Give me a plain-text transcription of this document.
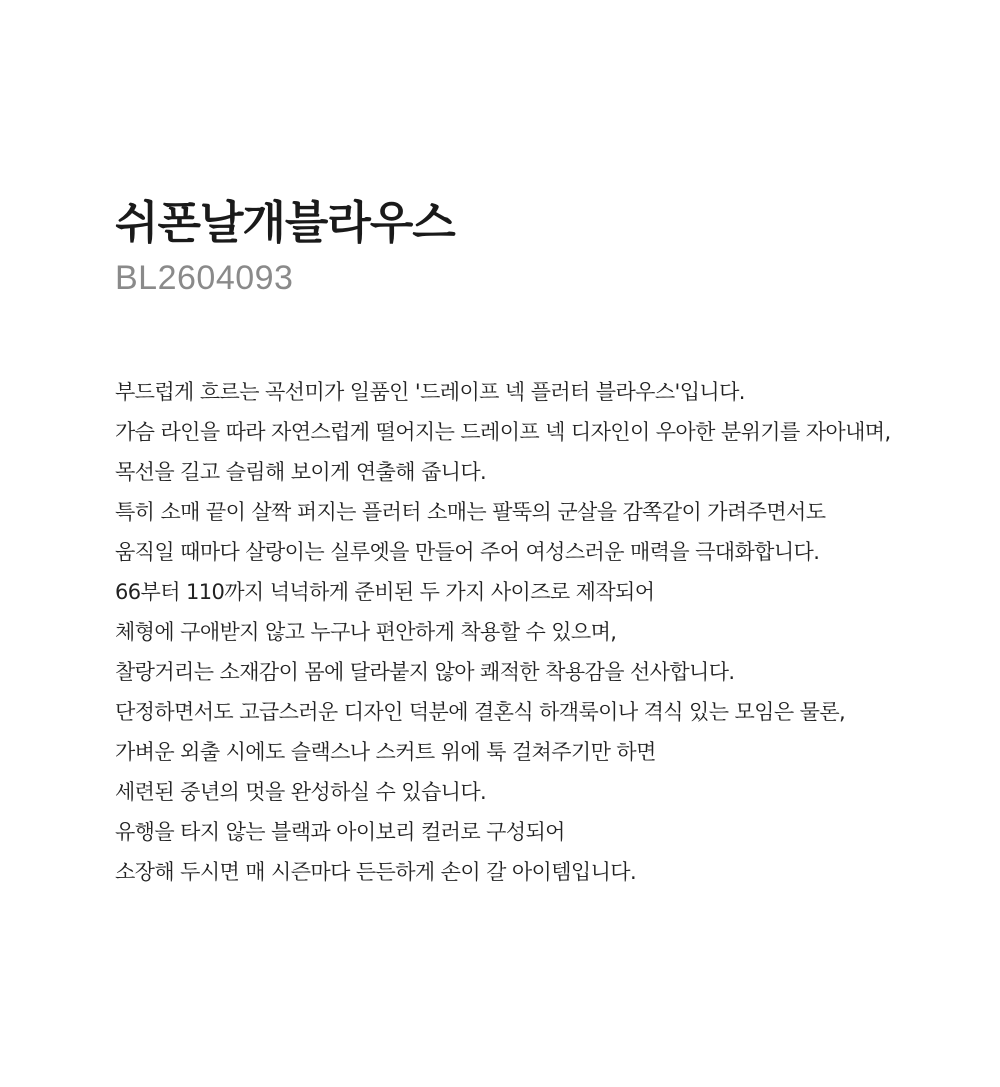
쉬폰날개블라우스
BL2604093
부드럽게 흐르는 곡선미가 일품인 '드레이프 넥 플러터 블라우스'입니다.
가슴 라인을 따라 자연스럽게 떨어지는 드레이프 넥 디자인이 우아한 분위기를 자아내며,
목선을 길고 슬림해 보이게 연출해 줍니다.
특히 소매 끝이 살짝 퍼지는 플러터 소매는 팔뚝의 군살을 감쪽같이 가려주면서도
움직일 때마다 살랑이는 실루엣을 만들어 주어 여성스러운 매력을 극대화합니다.
66부터 110까지 넉넉하게 준비된 두 가지 사이즈로 제작되어
체형에 구애받지 않고 누구나 편안하게 착용할 수 있으며,
찰랑거리는 소재감이 몸에 달라붙지 않아 쾌적한 착용감을 선사합니다.
단정하면서도 고급스러운 디자인 덕분에 결혼식 하객룩이나 격식 있는 모임은 물론,
가벼운 외출 시에도 슬랙스나 스커트 위에 툭 걸쳐주기만 하면
세련된 중년의 멋을 완성하실 수 있습니다.
유행을 타지 않는 블랙과 아이보리 컬러로 구성되어
소장해 두시면 매 시즌마다 든든하게 손이 갈 아이템입니다.
